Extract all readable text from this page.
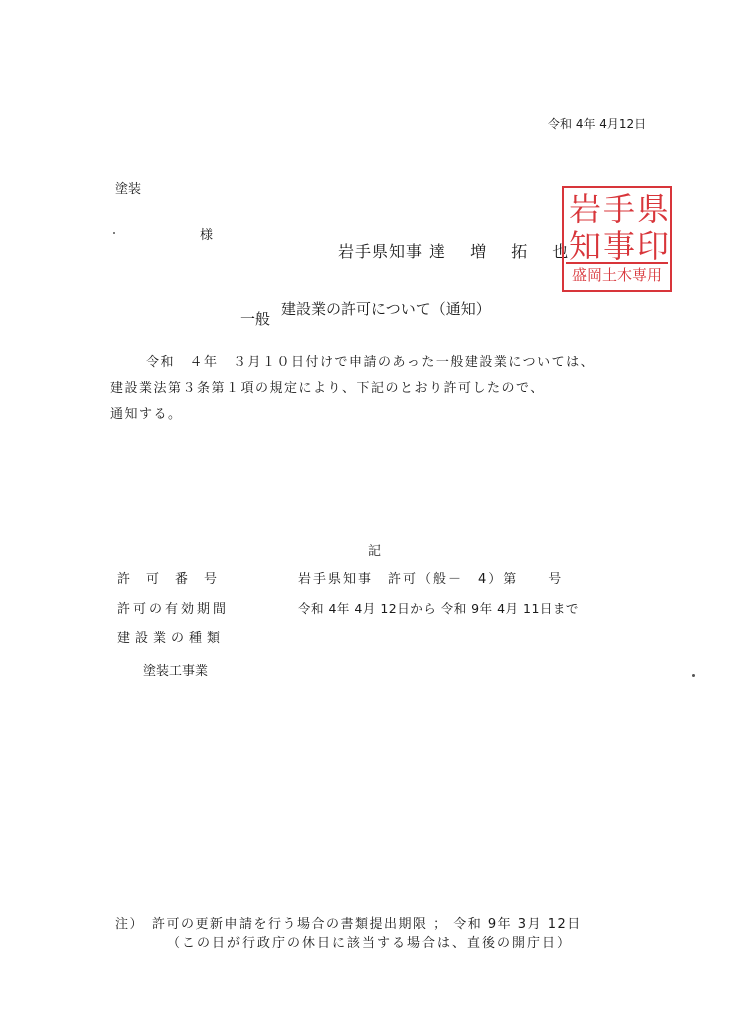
令和 4年 4月12日
塗装
様
岩手県知事 達 増 拓 也
岩 手 県
知 事 印
盛岡土木専用
一般
建設業の許可について（通知）

令和　４年　３月１０日付けで申請のあった一般建設業については、

建設業法第３条第１項の規定により、下記のとおり許可したので、

通知する。

記
許可番号	岩手県知事　許可（般－　4）第　　号
許可の有効期間	令和 4年 4月 12日から 令和 9年 4月 11日まで
建設業の種類
塗装工事業
注）　許可の更新申請を行う場合の書類提出期限 ； 令和 9年 3月 12日
（この日が行政庁の休日に該当する場合は、直後の開庁日）
